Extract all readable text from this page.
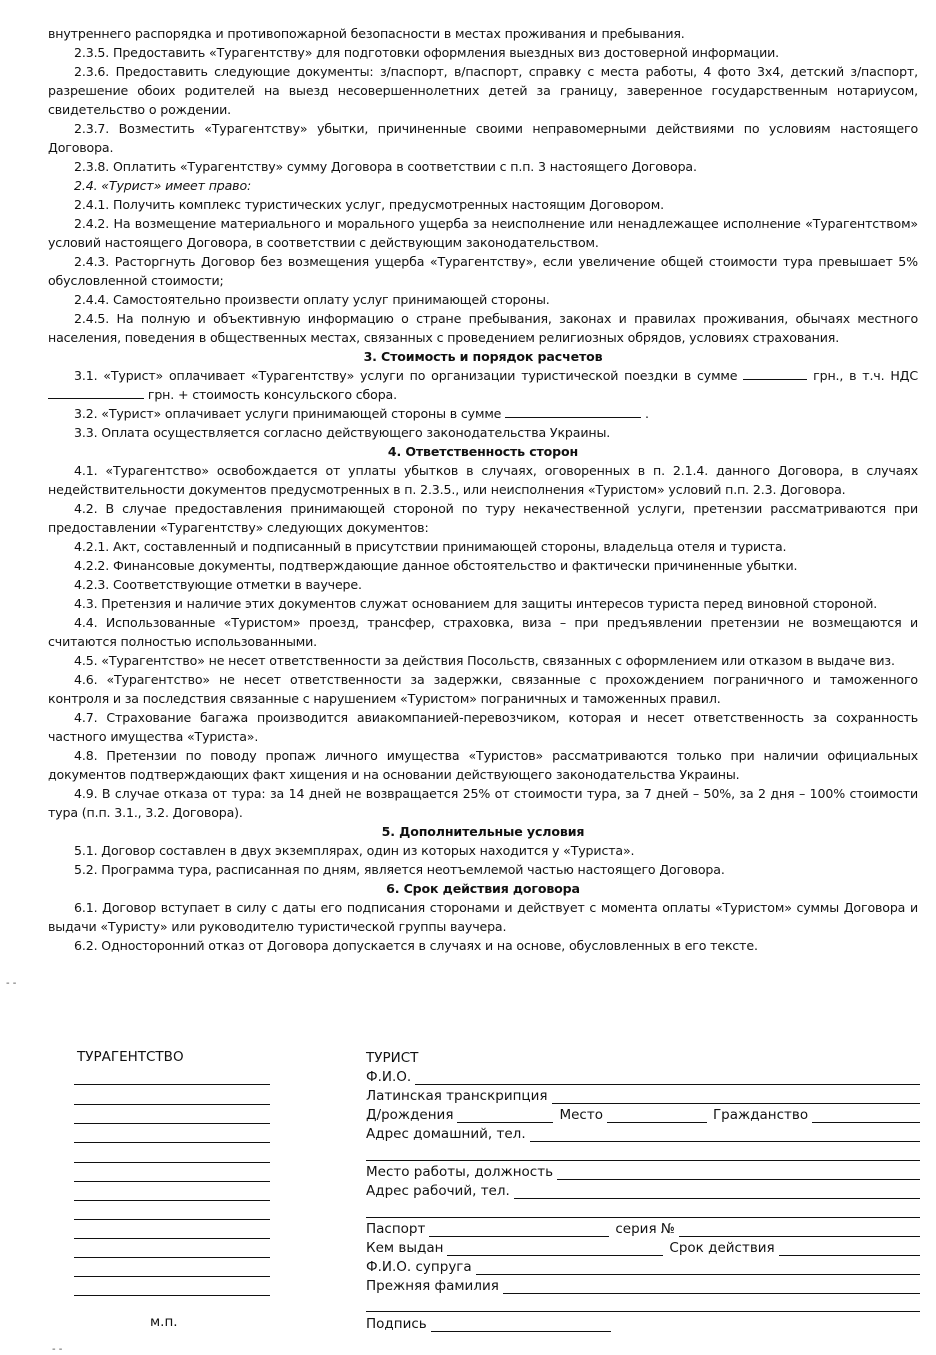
внутреннего распорядка и противопожарной безопасности в местах проживания и пребывания.

2.3.5. Предоставить «Турагентству» для подготовки оформления выездных виз достоверной информации.

2.3.6. Предоставить следующие документы: з/паспорт, в/паспорт, справку с места работы, 4 фото 3х4, детский з/паспорт, разрешение обоих родителей на выезд несовершеннолетних детей за границу, заверенное государственным нотариусом, свидетельство о рождении.

2.3.7. Возместить «Турагентству» убытки, причиненные своими неправомерными действиями по условиям настоящего Договора.

2.3.8. Оплатить «Турагентству» сумму Договора в соответствии с п.п. 3 настоящего Договора.

2.4. «Турист» имеет право:

2.4.1. Получить комплекс туристических услуг, предусмотренных настоящим Договором.

2.4.2. На возмещение материального и морального ущерба за неисполнение или ненадлежащее исполнение «Турагентством» условий настоящего Договора, в соответствии с действующим законодательством.

2.4.3. Расторгнуть Договор без возмещения ущерба «Турагентству», если увеличение общей стоимости тура превышает 5% обусловленной стоимости;

2.4.4. Самостоятельно произвести оплату услуг принимающей стороны.

2.4.5. На полную и объективную информацию о стране пребывания, законах и правилах проживания, обычаях местного населения, поведения в общественных местах, связанных с проведением религиозных обрядов, условиях страхования.

3. Стоимость и порядок расчетов

3.1. «Турист» оплачивает «Турагентству» услуги по организации туристической поездки в сумме	грн., в т.ч. НДС  грн. + стоимость консульского сбора.

3.2. «Турист» оплачивает услуги принимающей стороны в сумме	.

3.3. Оплата осуществляется согласно действующего законодательства Украины.

4. Ответственность сторон

4.1. «Турагентство» освобождается от уплаты убытков в случаях, оговоренных в п. 2.1.4. данного Договора, в случаях недействительности документов предусмотренных в п. 2.3.5., или неисполнения «Туристом» условий п.п. 2.3. Договора.

4.2. В случае предоставления принимающей стороной по туру некачественной услуги, претензии рассматриваются при предоставлении «Турагентству» следующих документов:

4.2.1. Акт, составленный и подписанный в присутствии принимающей стороны, владельца отеля и туриста.

4.2.2. Финансовые документы, подтверждающие данное обстоятельство и фактически причиненные убытки.

4.2.3. Соответствующие отметки в ваучере.

4.3. Претензия и наличие этих документов служат основанием для защиты интересов туриста перед виновной стороной.

4.4. Использованные «Туристом» проезд, трансфер, страховка, виза – при предъявлении претензии не возмещаются и считаются полностью использованными.

4.5. «Турагентство» не несет ответственности за действия Посольств, связанных с оформлением или отказом в выдаче виз.

4.6. «Турагентство» не несет ответственности за задержки, связанные с прохождением пограничного и таможенного контроля и за последствия связанные с нарушением «Туристом» пограничных и таможенных правил.

4.7. Страхование багажа производится авиакомпанией-перевозчиком, которая и несет ответственность за сохранность частного имущества «Туриста».

4.8. Претензии по поводу пропаж личного имущества «Туристов» рассматриваются только при наличии официальных документов подтверждающих факт хищения и на основании действующего законодательства Украины.

4.9. В случае отказа от тура: за 14 дней не возвращается 25% от стоимости тура, за 7 дней – 50%, за 2 дня – 100% стоимости тура (п.п. 3.1., 3.2. Договора).

5. Дополнительные условия

5.1. Договор составлен в двух экземплярах, один из которых находится у «Туриста».

5.2. Программа тура, расписанная по дням, является неотъемлемой частью настоящего Договора.

6. Срок действия договора

6.1. Договор вступает в силу с даты его подписания сторонами и действует с момента оплаты «Туристом» суммы Договора и выдачи «Туристу» или руководителю туристической группы ваучера.

6.2. Односторонний отказ от Договора допускается в случаях и на основе, обусловленных в его тексте.

ТУРАГЕНТСТВО
м.п.
ТУРИСТ
Ф.И.О.
Латинская транскрипция
Д/рождения	Место	Гражданство
Адрес домашний, тел.
Место работы, должность
Адрес рабочий, тел.
Паспорт	серия №
Кем выдан	Срок действия
Ф.И.О. супруга
Прежняя фамилия
Подпись
- -
- -
